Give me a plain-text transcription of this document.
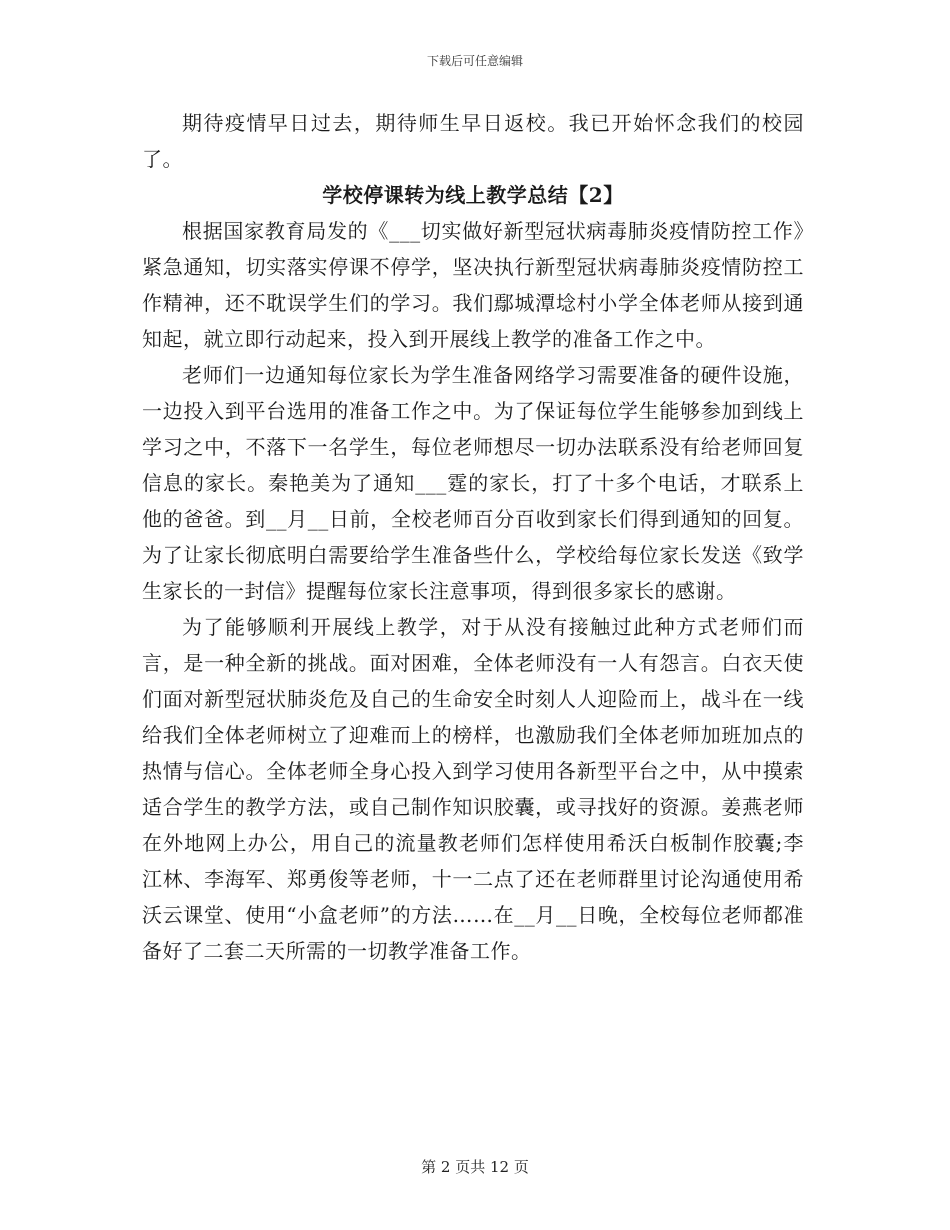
下载后可任意编辑

期待疫情早日过去，期待师生早日返校。我已开始怀念我们的校园了。

学校停课转为线上教学总结【2】

根据国家教育局发的《___切实做好新型冠状病毒肺炎疫情防控工作》紧急通知，切实落实停课不停学，坚决执行新型冠状病毒肺炎疫情防控工作精神，还不耽误学生们的学习。我们鄢城潭埝村小学全体老师从接到通知起，就立即行动起来，投入到开展线上教学的准备工作之中。

老师们一边通知每位家长为学生准备网络学习需要准备的硬件设施，一边投入到平台选用的准备工作之中。为了保证每位学生能够参加到线上学习之中，不落下一名学生，每位老师想尽一切办法联系没有给老师回复信息的家长。秦艳美为了通知___霆的家长，打了十多个电话，才联系上他的爸爸。到__月__日前，全校老师百分百收到家长们得到通知的回复。为了让家长彻底明白需要给学生准备些什么，学校给每位家长发送《致学生家长的一封信》提醒每位家长注意事项，得到很多家长的感谢。

为了能够顺利开展线上教学，对于从没有接触过此种方式老师们而言，是一种全新的挑战。面对困难，全体老师没有一人有怨言。白衣天使们面对新型冠状肺炎危及自己的生命安全时刻人人迎险而上，战斗在一线给我们全体老师树立了迎难而上的榜样，也激励我们全体老师加班加点的热情与信心。全体老师全身心投入到学习使用各新型平台之中，从中摸索适合学生的教学方法，或自己制作知识胶囊，或寻找好的资源。姜燕老师在外地网上办公，用自己的流量教老师们怎样使用希沃白板制作胶囊;李江林、李海军、郑勇俊等老师，十一二点了还在老师群里讨论沟通使用希沃云课堂、使用“小盒老师”的方法……在__月__日晚，全校每位老师都准备好了二套二天所需的一切教学准备工作。

第 2 页共 12 页
